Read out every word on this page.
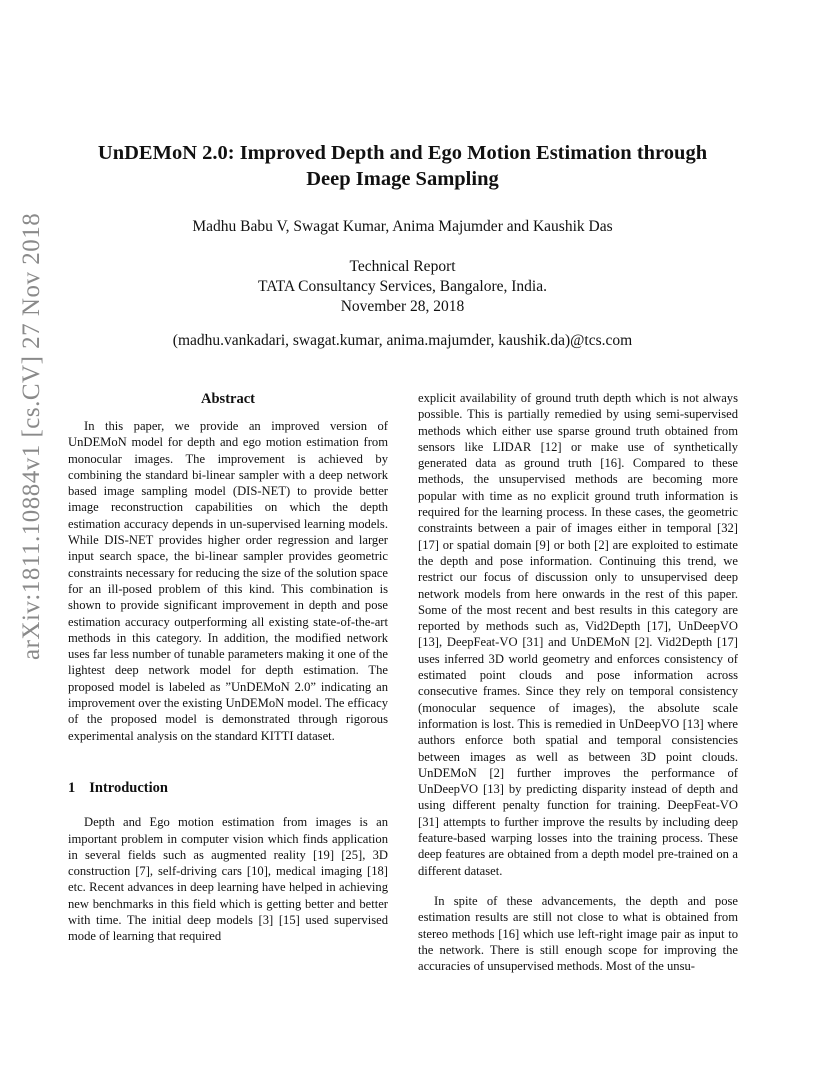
arXiv:1811.10884v1 [cs.CV] 27 Nov 2018
UnDEMoN 2.0: Improved Depth and Ego Motion Estimation through Deep Image Sampling
Madhu Babu V, Swagat Kumar, Anima Majumder and Kaushik Das
Technical Report
TATA Consultancy Services, Bangalore, India.
November 28, 2018
(madhu.vankadari, swagat.kumar, anima.majumder, kaushik.da)@tcs.com
Abstract

In this paper, we provide an improved version of UnDEMoN model for depth and ego motion estimation from monocular images. The improvement is achieved by combining the standard bi-linear sampler with a deep network based image sampling model (DIS-NET) to provide better image reconstruction capabilities on which the depth estimation accuracy depends in un-supervised learning models. While DIS-NET provides higher order regression and larger input search space, the bi-linear sampler provides geometric constraints necessary for reducing the size of the solution space for an ill-posed problem of this kind. This combination is shown to provide significant improvement in depth and pose estimation accuracy outperforming all existing state-of-the-art methods in this category. In addition, the modified network uses far less number of tunable parameters making it one of the lightest deep network model for depth estimation. The proposed model is labeled as ”UnDEMoN 2.0” indicating an improvement over the existing UnDEMoN model. The efficacy of the proposed model is demonstrated through rigorous experimental analysis on the standard KITTI dataset.

1 Introduction

Depth and Ego motion estimation from images is an important problem in computer vision which finds application in several fields such as augmented reality [19] [25], 3D construction [7], self-driving cars [10], medical imaging [18] etc. Recent advances in deep learning have helped in achieving new benchmarks in this field which is getting better and better with time. The initial deep models [3] [15] used supervised mode of learning that required

explicit availability of ground truth depth which is not always possible. This is partially remedied by using semi-supervised methods which either use sparse ground truth obtained from sensors like LIDAR [12] or make use of synthetically generated data as ground truth [16]. Compared to these methods, the unsupervised methods are becoming more popular with time as no explicit ground truth information is required for the learning process. In these cases, the geometric constraints between a pair of images either in temporal [32] [17] or spatial domain [9] or both [2] are exploited to estimate the depth and pose information. Continuing this trend, we restrict our focus of discussion only to unsupervised deep network models from here onwards in the rest of this paper. Some of the most recent and best results in this category are reported by methods such as, Vid2Depth [17], UnDeepVO [13], DeepFeat-VO [31] and UnDEMoN [2]. Vid2Depth [17] uses inferred 3D world geometry and enforces consistency of estimated point clouds and pose information across consecutive frames. Since they rely on temporal consistency (monocular sequence of images), the absolute scale information is lost. This is remedied in UnDeepVO [13] where authors enforce both spatial and temporal consistencies between images as well as between 3D point clouds. UnDEMoN [2] further improves the performance of UnDeepVO [13] by predicting disparity instead of depth and using different penalty function for training. DeepFeat-VO [31] attempts to further improve the results by including deep feature-based warping losses into the training process. These deep features are obtained from a depth model pre-trained on a different dataset.

In spite of these advancements, the depth and pose estimation results are still not close to what is obtained from stereo methods [16] which use left-right image pair as input to the network. There is still enough scope for improving the accuracies of unsupervised methods. Most of the unsu-
